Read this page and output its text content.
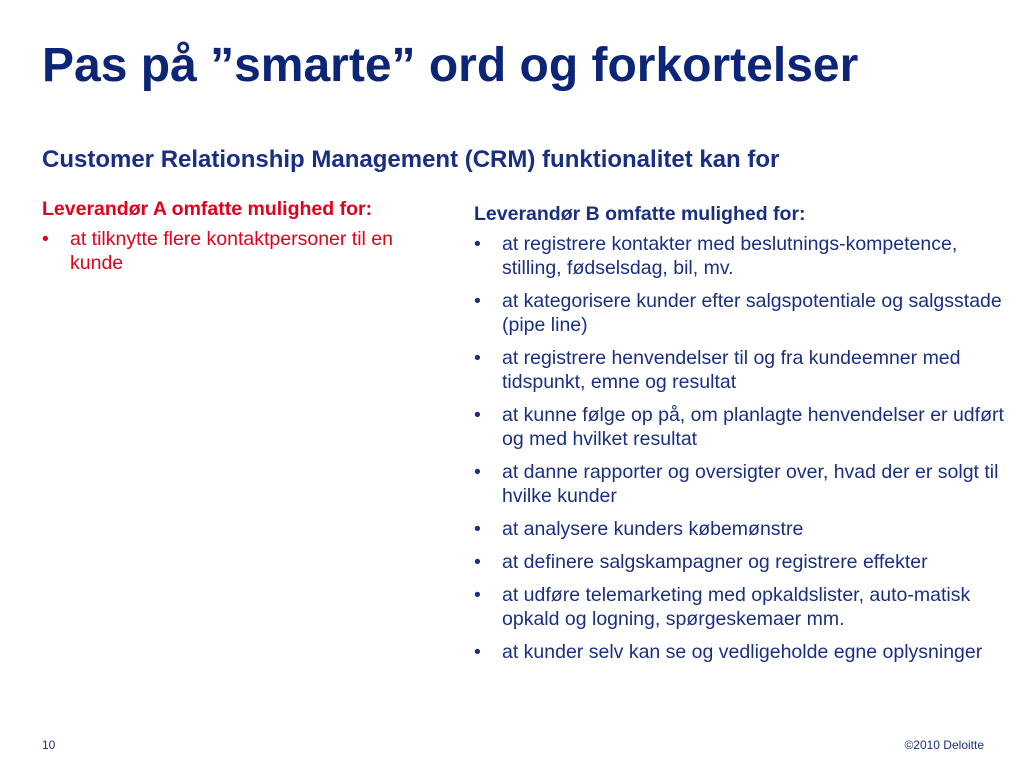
Pas på ”smarte” ord og forkortelser
Customer Relationship Management (CRM) funktionalitet kan for
Leverandør A omfatte mulighed for:
• at tilknytte flere kontaktpersoner til en kunde
Leverandør B omfatte mulighed for:
• at registrere kontakter med beslutnings-kompetence, stilling, fødselsdag, bil, mv.
• at kategorisere kunder efter salgspotentiale og salgsstade (pipe line)
• at registrere henvendelser til og fra kundeemner med tidspunkt, emne og resultat
• at kunne følge op på, om planlagte henvendelser er udført og med hvilket resultat
• at danne rapporter og oversigter over, hvad der er solgt til hvilke kunder
• at analysere kunders købemønstre
• at definere salgskampagner og registrere effekter
• at udføre telemarketing med opkaldslister, auto-matisk opkald og logning, spørgeskemaer mm.
• at kunder selv kan se og vedligeholde egne oplysninger
10	©2010 Deloitte
